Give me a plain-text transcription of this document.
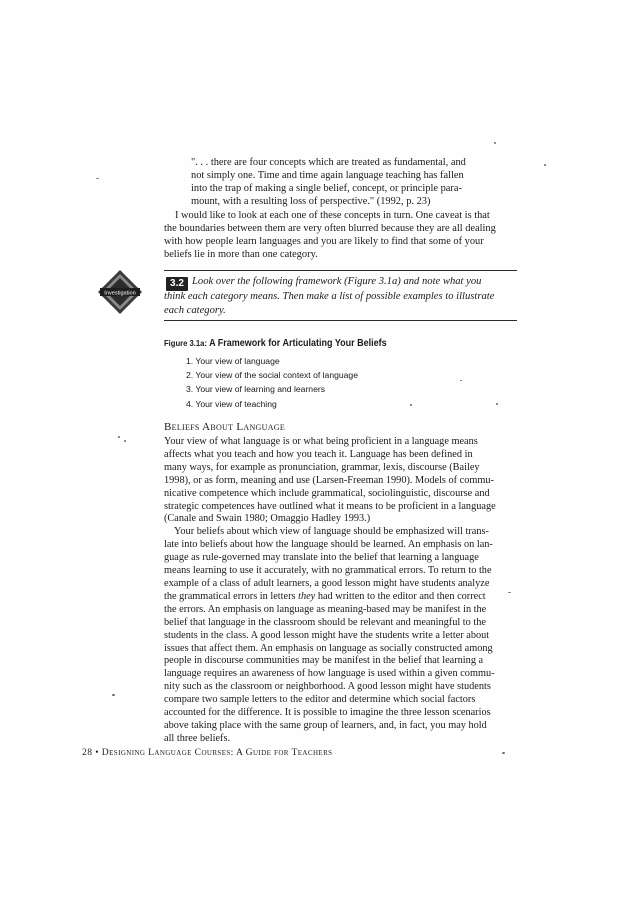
". . . there are four concepts which are treated as fundamental, and
not simply one. Time and time again language teaching has fallen
into the trap of making a single belief, concept, or principle para-
mount, with a resulting loss of perspective." (1992, p. 23)
I would like to look at each one of these concepts in turn. One caveat is that
the boundaries between them are very often blurred because they are all dealing
with how people learn languages and you are likely to find that some of your
beliefs lie in more than one category.
Investigation
Look over the following framework (Figure 3.1a) and note what you
think each category means. Then make a list of possible examples to illustrate
each category.
3.2
Figure 3.1a: A Framework for Articulating Your Beliefs
1. Your view of language
2. Your view of the social context of language
3. Your view of learning and learners
4. Your view of teaching
Beliefs About Language
Your view of what language is or what being proficient in a language means
affects what you teach and how you teach it. Language has been defined in
many ways, for example as pronunciation, grammar, lexis, discourse (Bailey
1998), or as form, meaning and use (Larsen-Freeman 1990). Models of commu-
nicative competence which include grammatical, sociolinguistic, discourse and
strategic competences have outlined what it means to be proficient in a language
(Canale and Swain 1980; Omaggio Hadley 1993.)
Your beliefs about which view of language should be emphasized will trans-
late into beliefs about how the language should be learned. An emphasis on lan-
guage as rule-governed may translate into the belief that learning a language
means learning to use it accurately, with no grammatical errors. To return to the
example of a class of adult learners, a good lesson might have students analyze
the grammatical errors in letters they had written to the editor and then correct
the errors. An emphasis on language as meaning-based may be manifest in the
belief that language in the classroom should be relevant and meaningful to the
students in the class. A good lesson might have the students write a letter about
issues that affect them. An emphasis on language as socially constructed among
people in discourse communities may be manifest in the belief that learning a
language requires an awareness of how language is used within a given commu-
nity such as the classroom or neighborhood. A good lesson might have students
compare two sample letters to the editor and determine which social factors
accounted for the difference. It is possible to imagine the three lesson scenarios
above taking place with the same group of learners, and, in fact, you may hold
all three beliefs.
28 • Designing Language Courses: A Guide for Teachers
